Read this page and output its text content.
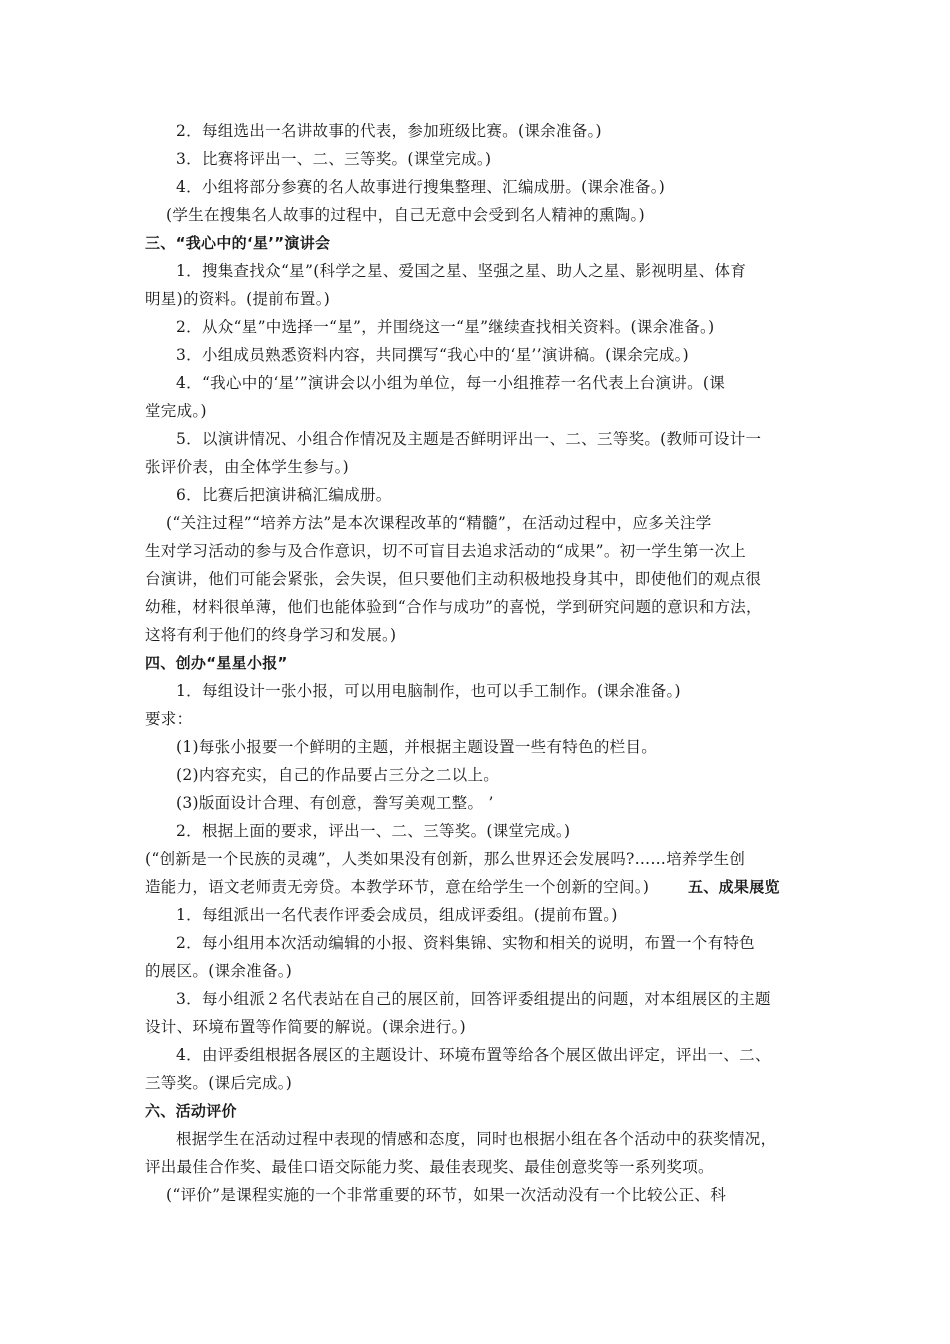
2．每组选出一名讲故事的代表，参加班级比赛。(课余准备。)
3．比赛将评出一、二、三等奖。(课堂完成。)
4．小组将部分参赛的名人故事进行搜集整理、汇编成册。(课余准备。)
(学生在搜集名人故事的过程中，自己无意中会受到名人精神的熏陶。)
三、“我心中的‘星’”演讲会
1．搜集查找众“星”(科学之星、爱国之星、坚强之星、助人之星、影视明星、体育
明星)的资料。(提前布置。)
2．从众“星”中选择一“星”，并围绕这一“星”继续查找相关资料。(课余准备。)
3．小组成员熟悉资料内容，共同撰写“我心中的‘星’’演讲稿。(课余完成。)
4．“我心中的‘星’”演讲会以小组为单位，每一小组推荐一名代表上台演讲。(课
堂完成。)
5．以演讲情况、小组合作情况及主题是否鲜明评出一、二、三等奖。(教师可设计一
张评价表，由全体学生参与。)
6．比赛后把演讲稿汇编成册。
(“关注过程”“培养方法”是本次课程改革的“精髓”，在活动过程中，应多关注学
生对学习活动的参与及合作意识，切不可盲目去追求活动的“成果”。初一学生第一次上
台演讲，他们可能会紧张，会失误，但只要他们主动积极地投身其中，即使他们的观点很
幼稚，材料很单薄，他们也能体验到“合作与成功”的喜悦，学到研究问题的意识和方法，
这将有利于他们的终身学习和发展。)
四、创办“星星小报”
1．每组设计一张小报，可以用电脑制作，也可以手工制作。(课余准备。)
要求：
(1)每张小报要一个鲜明的主题，并根据主题设置一些有特色的栏目。
(2)内容充实，自己的作品要占三分之二以上。
(3)版面设计合理、有创意，誊写美观工整。 ’
2．根据上面的要求，评出一、二、三等奖。(课堂完成。)
(“创新是一个民族的灵魂”，人类如果没有创新，那么世界还会发展吗?……培养学生创
造能力，语文老师责无旁贷。本教学环节，意在给学生一个创新的空间。)	五、成果展览
1．每组派出一名代表作评委会成员，组成评委组。(提前布置。)
2．每小组用本次活动编辑的小报、资料集锦、实物和相关的说明，布置一个有特色
的展区。(课余准备。)
3．每小组派２名代表站在自己的展区前，回答评委组提出的问题，对本组展区的主题
设计、环境布置等作简要的解说。(课余进行。)
4．由评委组根据各展区的主题设计、环境布置等给各个展区做出评定，评出一、二、
三等奖。(课后完成。)
六、活动评价
根据学生在活动过程中表现的情感和态度，同时也根据小组在各个活动中的获奖情况，
评出最佳合作奖、最佳口语交际能力奖、最佳表现奖、最佳创意奖等一系列奖项。
(“评价”是课程实施的一个非常重要的环节，如果一次活动没有一个比较公正、科
